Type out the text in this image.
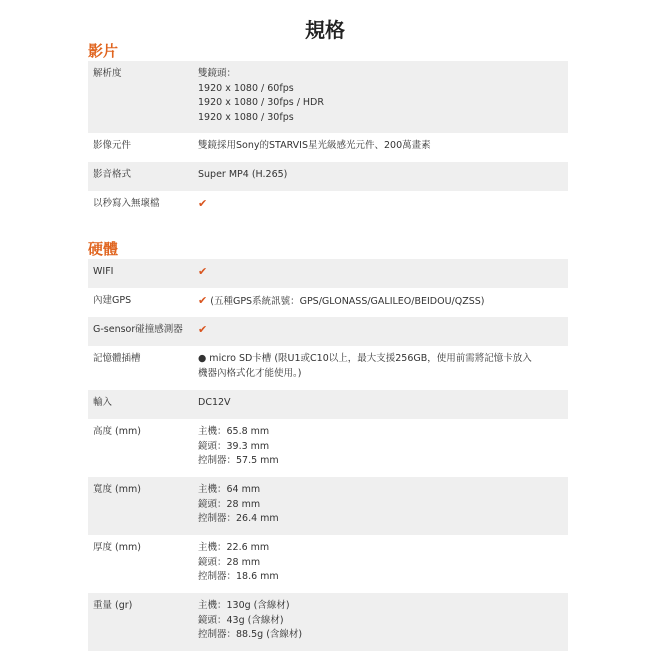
規格
影片
解析度	雙鏡頭：
1920 x 1080 / 60fps
1920 x 1080 / 30fps / HDR
1920 x 1080 / 30fps
影像元件	雙鏡採用Sony的STARVIS星光級感光元件、200萬畫素
影音格式	Super MP4 (H.265)
以秒寫入無壞檔	✔
硬體
WIFI	✔
內建GPS	✔ (五種GPS系統訊號：GPS/GLONASS/GALILEO/BEIDOU/QZSS)
G-sensor碰撞感測器	✔
記憶體插槽	● micro SD卡槽 (限U1或C10以上，最大支援256GB，使用前需將記憶卡放入
機器內格式化才能使用。)
輸入	DC12V
高度 (mm)	主機：65.8 mm
鏡頭：39.3 mm
控制器：57.5 mm
寬度 (mm)	主機：64 mm
鏡頭：28 mm
控制器：26.4 mm
厚度 (mm)	主機：22.6 mm
鏡頭：28 mm
控制器：18.6 mm
重量 (gr)	主機：130g (含線材)
鏡頭：43g (含線材)
控制器：88.5g (含線材)
